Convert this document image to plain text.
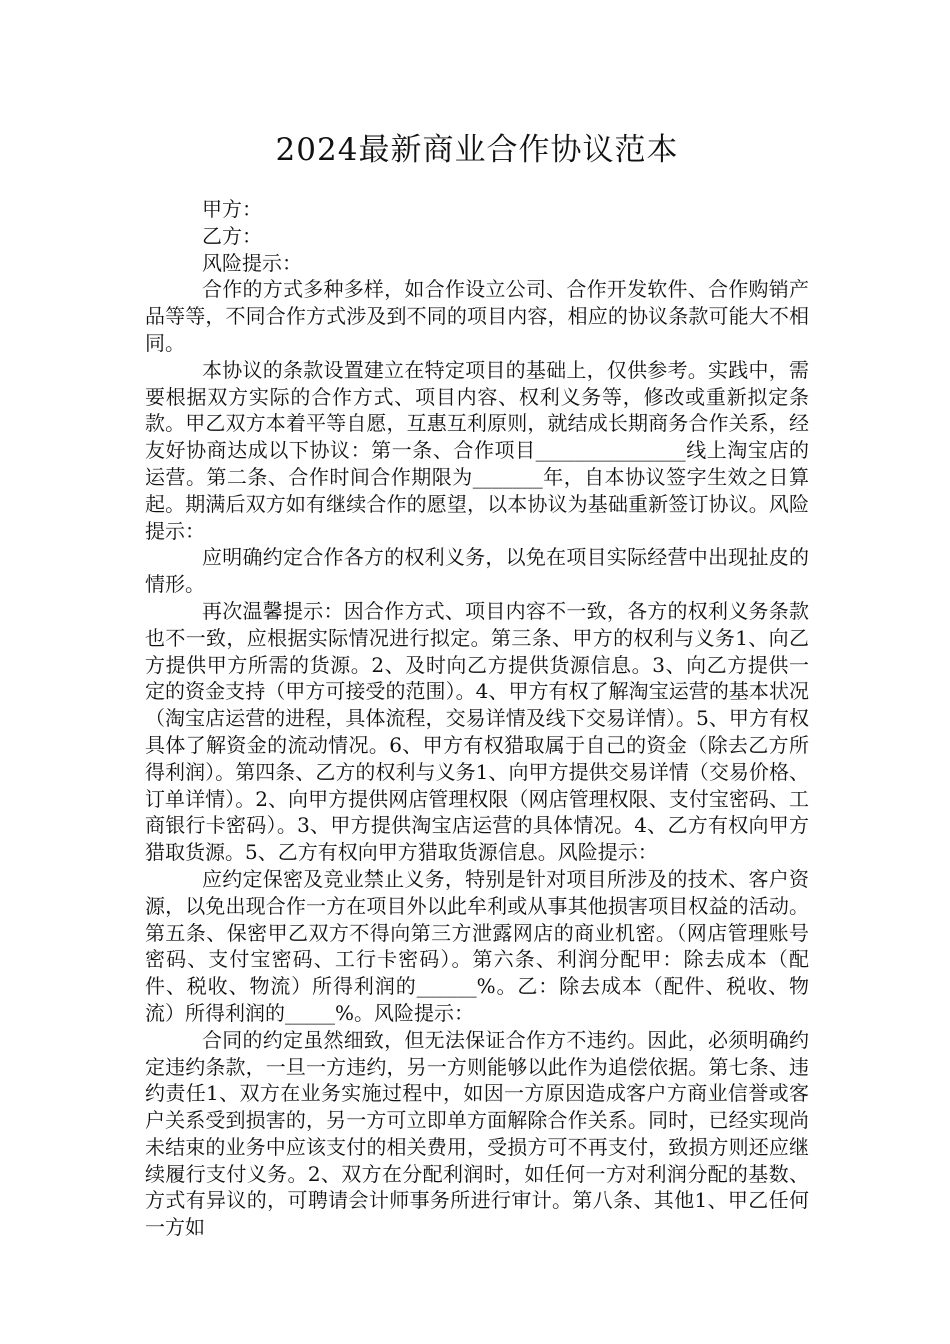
2024最新商业合作协议范本

甲方：

乙方：

风险提示：

合作的方式多种多样，如合作设立公司、合作开发软件、合作购销产品等等，不同合作方式涉及到不同的项目内容，相应的协议条款可能大不相同。

本协议的条款设置建立在特定项目的基础上，仅供参考。实践中，需要根据双方实际的合作方式、项目内容、权利义务等，修改或重新拟定条款。甲乙双方本着平等自愿，互惠互利原则，就结成长期商务合作关系，经友好协商达成以下协议：第一条、合作项目_______________线上淘宝店的运营。第二条、合作时间合作期限为_______年，自本协议签字生效之日算起。期满后双方如有继续合作的愿望，以本协议为基础重新签订协议。风险提示：

应明确约定合作各方的权利义务，以免在项目实际经营中出现扯皮的情形。

再次温馨提示：因合作方式、项目内容不一致，各方的权利义务条款也不一致，应根据实际情况进行拟定。第三条、甲方的权利与义务1、向乙方提供甲方所需的货源。2、及时向乙方提供货源信息。3、向乙方提供一定的资金支持（甲方可接受的范围）。4、甲方有权了解淘宝运营的基本状况（淘宝店运营的进程，具体流程，交易详情及线下交易详情）。5、甲方有权具体了解资金的流动情况。6、甲方有权猎取属于自己的资金（除去乙方所得利润）。第四条、乙方的权利与义务1、向甲方提供交易详情（交易价格、订单详情）。2、向甲方提供网店管理权限（网店管理权限、支付宝密码、工商银行卡密码）。3、甲方提供淘宝店运营的具体情况。4、乙方有权向甲方猎取货源。5、乙方有权向甲方猎取货源信息。风险提示：

应约定保密及竞业禁止义务，特别是针对项目所涉及的技术、客户资源，以免出现合作一方在项目外以此牟利或从事其他损害项目权益的活动。第五条、保密甲乙双方不得向第三方泄露网店的商业机密。（网店管理账号密码、支付宝密码、工行卡密码）。第六条、利润分配甲：除去成本（配件、税收、物流）所得利润的______%。乙：除去成本（配件、税收、物流）所得利润的_____%。风险提示：

合同的约定虽然细致，但无法保证合作方不违约。因此，必须明确约定违约条款，一旦一方违约，另一方则能够以此作为追偿依据。第七条、违约责任1、双方在业务实施过程中，如因一方原因造成客户方商业信誉或客户关系受到损害的，另一方可立即单方面解除合作关系。同时，已经实现尚未结束的业务中应该支付的相关费用，受损方可不再支付，致损方则还应继续履行支付义务。2、双方在分配利润时，如任何一方对利润分配的基数、方式有异议的，可聘请会计师事务所进行审计。第八条、其他1、甲乙任何一方如
